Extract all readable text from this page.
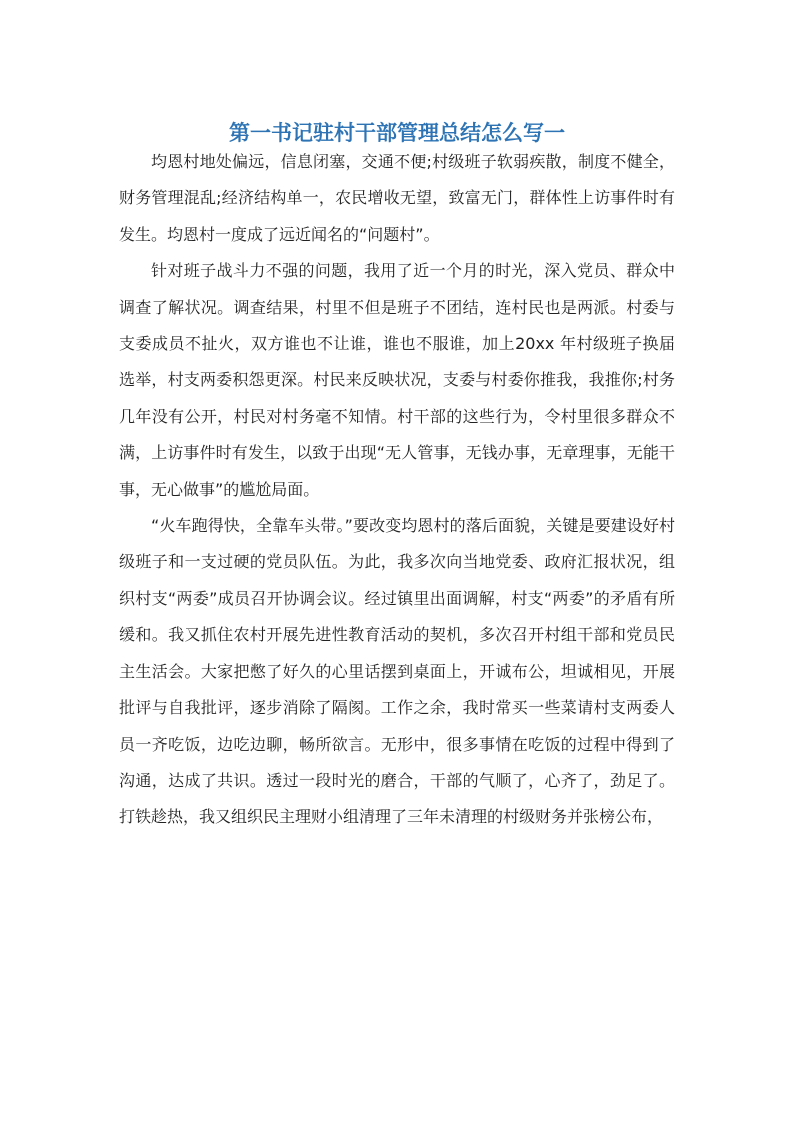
第一书记驻村干部管理总结怎么写一

均恩村地处偏远，信息闭塞，交通不便;村级班子软弱疾散，制度不健全，财务管理混乱;经济结构单一，农民增收无望，致富无门，群体性上访事件时有发生。均恩村一度成了远近闻名的“问题村”。

针对班子战斗力不强的问题，我用了近一个月的时光，深入党员、群众中调查了解状况。调查结果，村里不但是班子不团结，连村民也是两派。村委与支委成员不扯火，双方谁也不让谁，谁也不服谁，加上20xx 年村级班子换届选举，村支两委积怨更深。村民来反映状况，支委与村委你推我，我推你;村务几年没有公开，村民对村务毫不知情。村干部的这些行为，令村里很多群众不满，上访事件时有发生，以致于出现“无人管事，无钱办事，无章理事，无能干事，无心做事”的尴尬局面。

“火车跑得快，全靠车头带。”要改变均恩村的落后面貌，关键是要建设好村级班子和一支过硬的党员队伍。为此，我多次向当地党委、政府汇报状况，组织村支“两委”成员召开协调会议。经过镇里出面调解，村支“两委”的矛盾有所缓和。我又抓住农村开展先进性教育活动的契机，多次召开村组干部和党员民主生活会。大家把憋了好久的心里话摆到桌面上，开诚布公，坦诚相见，开展批评与自我批评，逐步消除了隔阂。工作之余，我时常买一些菜请村支两委人员一齐吃饭，边吃边聊，畅所欲言。无形中，很多事情在吃饭的过程中得到了沟通，达成了共识。透过一段时光的磨合，干部的气顺了，心齐了，劲足了。打铁趁热，我又组织民主理财小组清理了三年未清理的村级财务并张榜公布，
